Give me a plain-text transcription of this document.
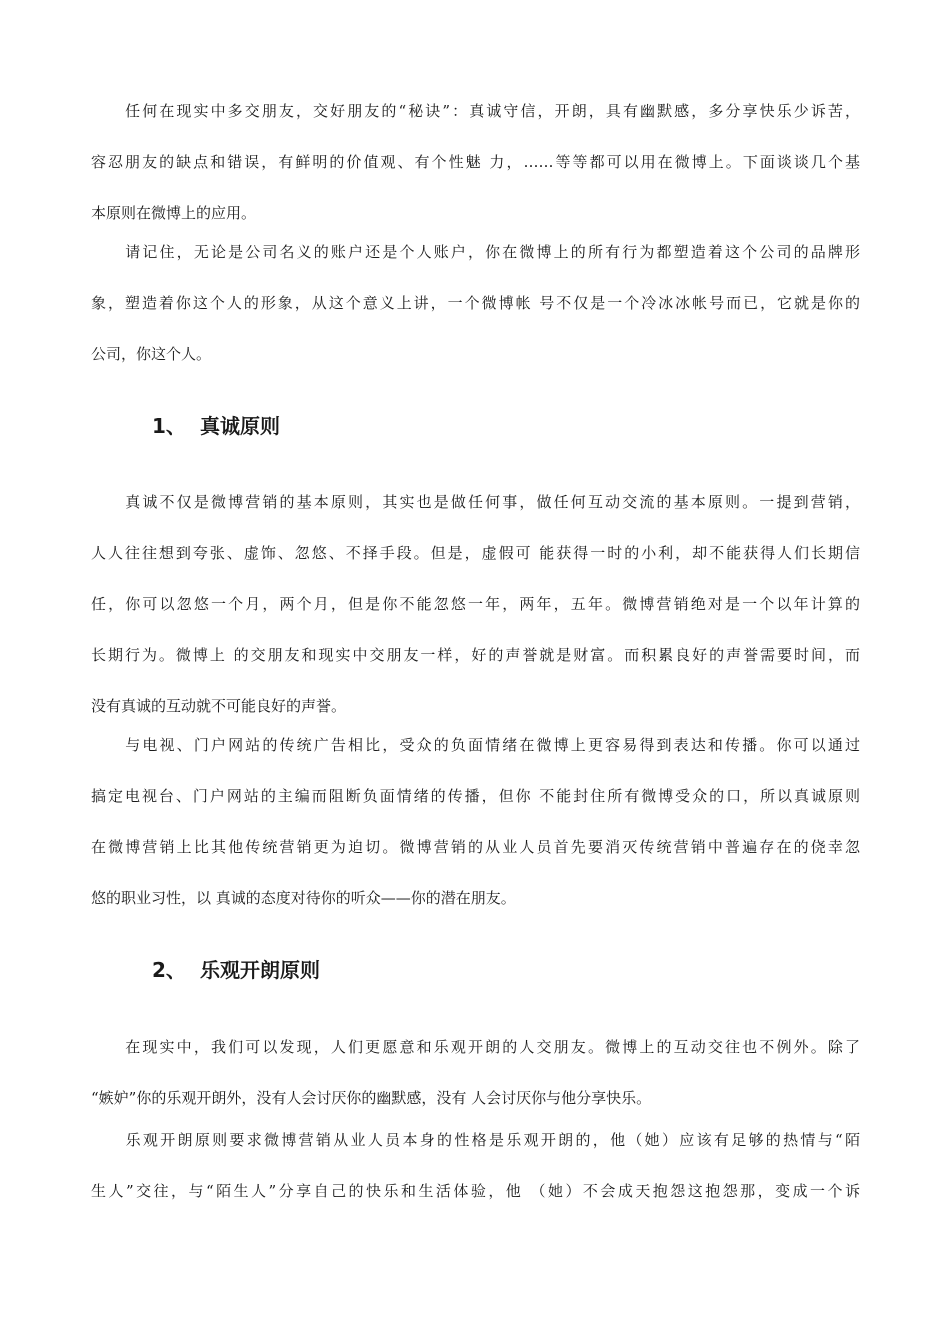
　　任何在现实中多交朋友，交好朋友的“秘诀”：真诚守信，开朗，具有幽默感，多分享快乐少诉苦，
容忍朋友的缺点和错误，有鲜明的价值观、有个性魅 力，……等等都可以用在微博上。下面谈谈几个基
本原则在微博上的应用。
　　请记住，无论是公司名义的账户还是个人账户，你在微博上的所有行为都塑造着这个公司的品牌形
象，塑造着你这个人的形象，从这个意义上讲，一个微博帐 号不仅是一个冷冰冰帐号而已，它就是你的
公司，你这个人。
1、 真诚原则
　　真诚不仅是微博营销的基本原则，其实也是做任何事，做任何互动交流的基本原则。一提到营销，
人人往往想到夸张、虚饰、忽悠、不择手段。但是，虚假可 能获得一时的小利，却不能获得人们长期信
任，你可以忽悠一个月，两个月，但是你不能忽悠一年，两年，五年。微博营销绝对是一个以年计算的
长期行为。微博上 的交朋友和现实中交朋友一样，好的声誉就是财富。而积累良好的声誉需要时间，而
没有真诚的互动就不可能良好的声誉。
　　与电视、门户网站的传统广告相比，受众的负面情绪在微博上更容易得到表达和传播。你可以通过
搞定电视台、门户网站的主编而阻断负面情绪的传播，但你 不能封住所有微博受众的口，所以真诚原则
在微博营销上比其他传统营销更为迫切。微博营销的从业人员首先要消灭传统营销中普遍存在的侥幸忽
悠的职业习性，以 真诚的态度对待你的听众——你的潜在朋友。
2、 乐观开朗原则
　　在现实中，我们可以发现，人们更愿意和乐观开朗的人交朋友。微博上的互动交往也不例外。除了
“嫉妒”你的乐观开朗外，没有人会讨厌你的幽默感，没有 人会讨厌你与他分享快乐。
　　乐观开朗原则要求微博营销从业人员本身的性格是乐观开朗的，他（她）应该有足够的热情与“陌
生人”交往，与“陌生人”分享自己的快乐和生活体验，他 （她）不会成天抱怨这抱怨那，变成一个诉
